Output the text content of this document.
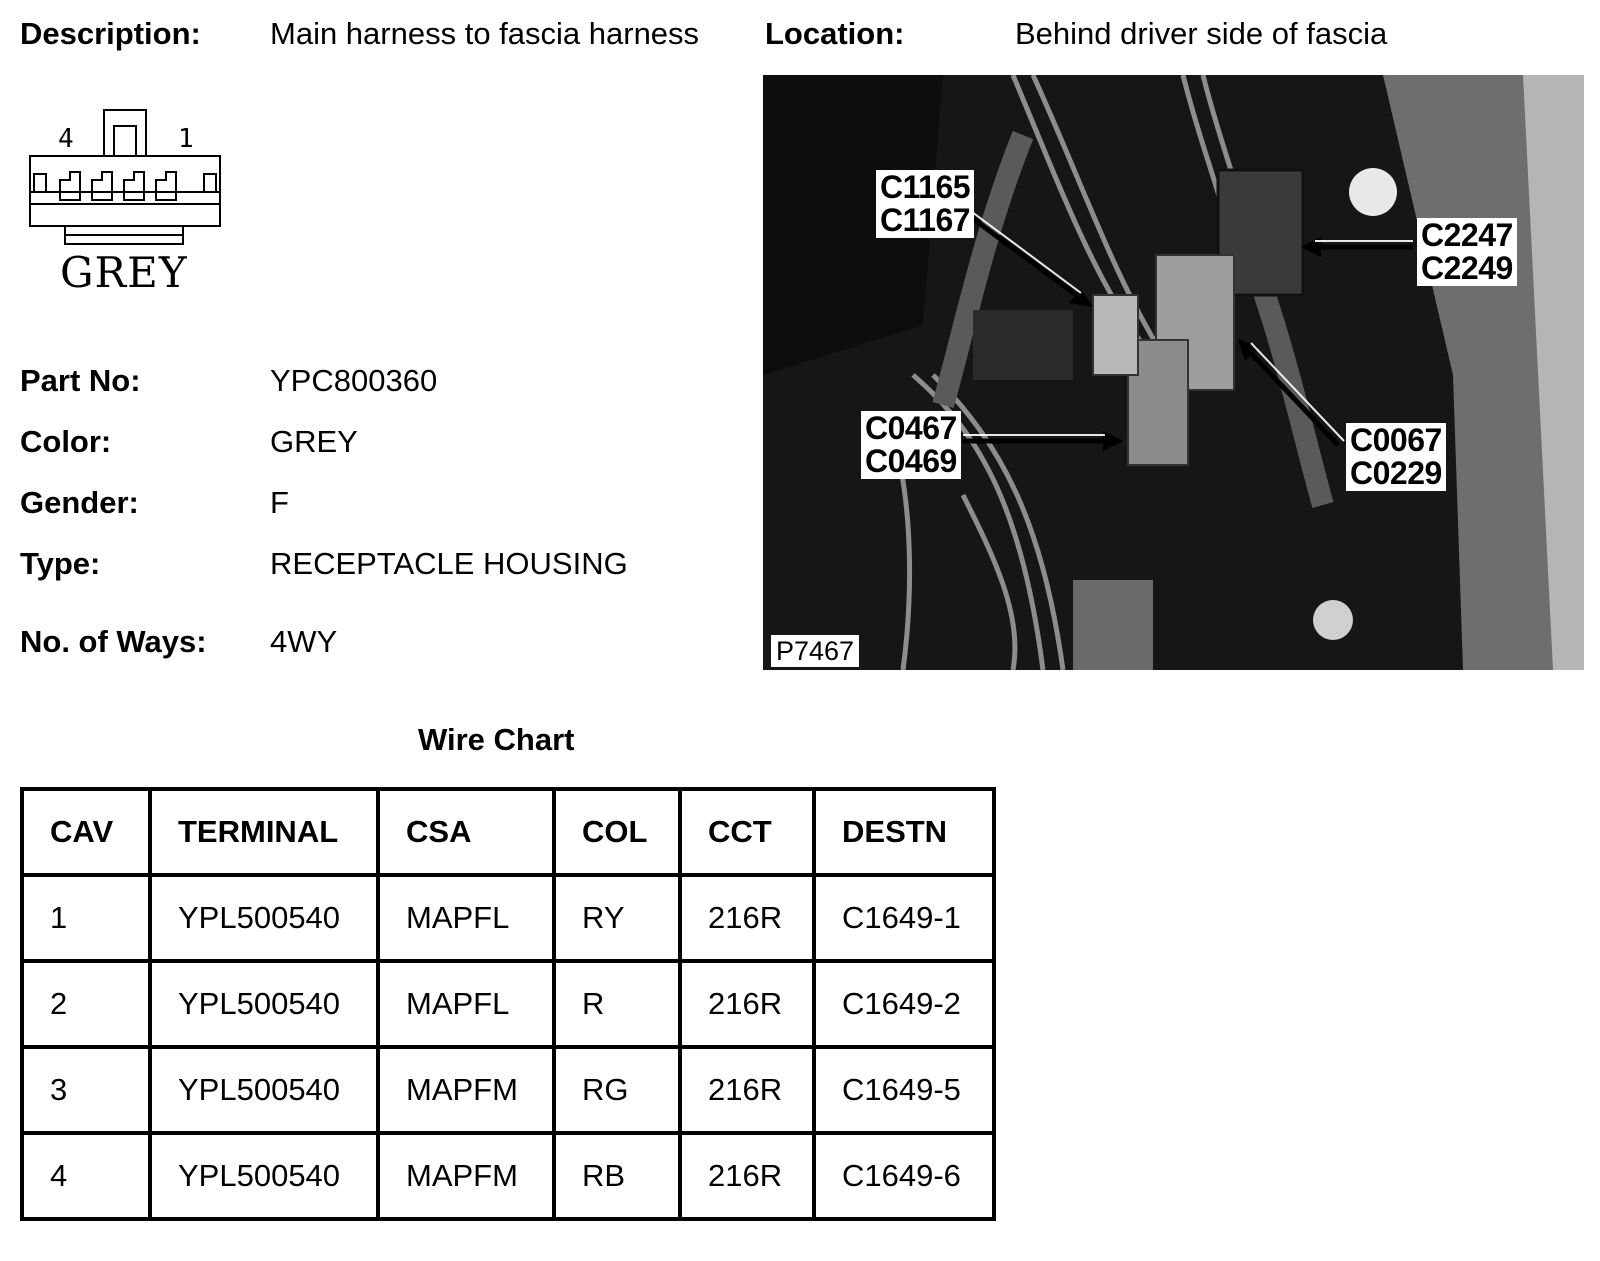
Description: Main harness to fascia harness Location:	Behind driver side of fascia
4	1
GREY
Part No:	YPC800360
Color:	GREY
Gender:	F
Type:	RECEPTACLE HOUSING
No. of Ways: 4WY
C1165
C1167	C2247
C2249
C0467
C0469
C0067
C0229
P7467
Wire Chart
CAV	TERMINAL	CSA	COL	CCT	DESTN
1	YPL500540	MAPFL	RY	216R	C1649-1
2	YPL500540	MAPFL	R	216R	C1649-2
3	YPL500540	MAPFM	RG	216R	C1649-5
4	YPL500540	MAPFM	RB	216R	C1649-6
